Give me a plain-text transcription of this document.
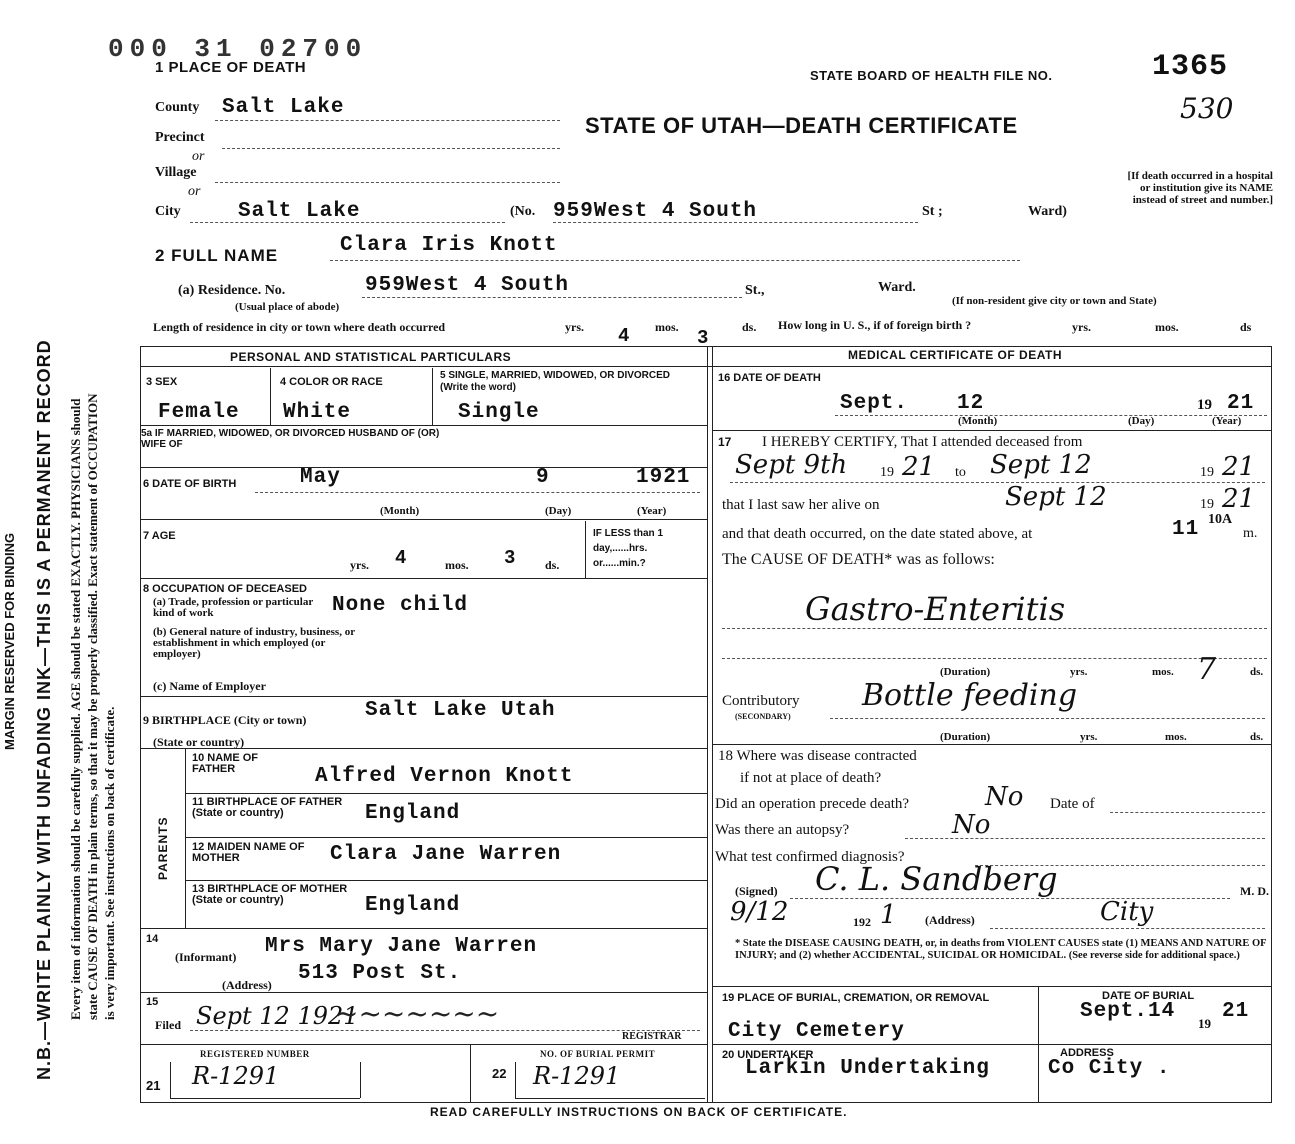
MARGIN RESERVED FOR BINDING N.B.—WRITE PLAINLY WITH UNFADING INK—THIS IS A PERMANENT RECORD Every item of information should be carefully supplied. AGE should be stated EXACTLY. PHYSICIANS should state CAUSE OF DEATH in plain terms, so that it may be properly classified. Exact statement of OCCUPATION is very important. See instructions on back of certificate.
000 31 02700
1 PLACE OF DEATH	STATE BOARD OF HEALTH FILE NO.	1365
530
STATE OF UTAH—DEATH CERTIFICATE
[If death occurred in a hospital or institution give its NAME instead of street and number.]
County Salt Lake
Precinct
or
Village
or
City	Salt Lake	(No. 959West 4 South	St ;	Ward)
2 FULL NAME	Clara Iris Knott
(a) Residence. No.	959West 4 South	St.,	Ward.
(Usual place of abode)	(If non-resident give city or town and State)
Length of residence in city or town where death occurred	yrs. 4 mos. 3	ds. How long in U. S., if of foreign birth ?	yrs.	mos.	ds
PERSONAL AND STATISTICAL PARTICULARS	MEDICAL CERTIFICATE OF DEATH
3 SEX
Female
4 COLOR OR RACE
White
5 SINGLE, MARRIED, WIDOWED, OR DIVORCED (Write the word)
Single
5a IF MARRIED, WIDOWED, OR DIVORCED HUSBAND OF (OR) WIFE OF
6 DATE OF BIRTH	May	9	1921
(Month)	(Day)	(Year)
7 AGE
yrs. 4	mos. 3 ds.
IF LESS than 1 day,......hrs. or......min.?
8 OCCUPATION OF DECEASED
(a) Trade, profession or particular kind of work	None child
(b) General nature of industry, business, or establishment in which employed (or employer)
(c) Name of Employer
9 BIRTHPLACE (City or town)	Salt Lake Utah
(State or country)
PARENTS
10 NAME OF FATHER	Alfred Vernon Knott
11 BIRTHPLACE OF FATHER (State or country)	England
12 MAIDEN NAME OF MOTHER	Clara Jane Warren
13 BIRTHPLACE OF MOTHER (State or country)	England
14
(Informant) Mrs Mary Jane Warren
(Address) 513 Post St.
15
Filed Sept 12 1921
~~~~~~~
REGISTRAR
REGISTERED NUMBER
21 R-1291
NO. OF BURIAL PERMIT
22 R-1291
16 DATE OF DEATH
Sept. 12	19 21
(Month)	(Day)	(Year)
17 I HEREBY CERTIFY, That I attended deceased from
Sept 9th 19 21 to Sept 12	19 21
that I last saw her alive on	Sept 12	19 21
and that death occurred, on the date stated above, at	11 10A
m.
The CAUSE OF DEATH* was as follows:
Gastro-Enteritis
(Duration)	yrs.	mos. 7	ds.
Contributory
(SECONDARY)
Bottle feeding
(Duration)	yrs.	mos.	ds.
18 Where was disease contracted
if not at place of death?
Did an operation precede death?	No Date of
Was there an autopsy?	No
What test confirmed diagnosis?
(Signed) C. L. Sandberg	M. D.
9/12	192 1 (Address)	City
* State the DISEASE CAUSING DEATH, or, in deaths from VIOLENT CAUSES state (1) MEANS AND NATURE OF INJURY; and (2) whether ACCIDENTAL, SUICIDAL OR HOMICIDAL. (See reverse side for additional space.)
19 PLACE OF BURIAL, CREMATION, OR REMOVAL
City Cemetery
DATE OF BURIAL
Sept.14
19
21
20 UNDERTAKER
Larkin Undertaking
ADDRESS
Co City .
READ CAREFULLY INSTRUCTIONS ON BACK OF CERTIFICATE.
